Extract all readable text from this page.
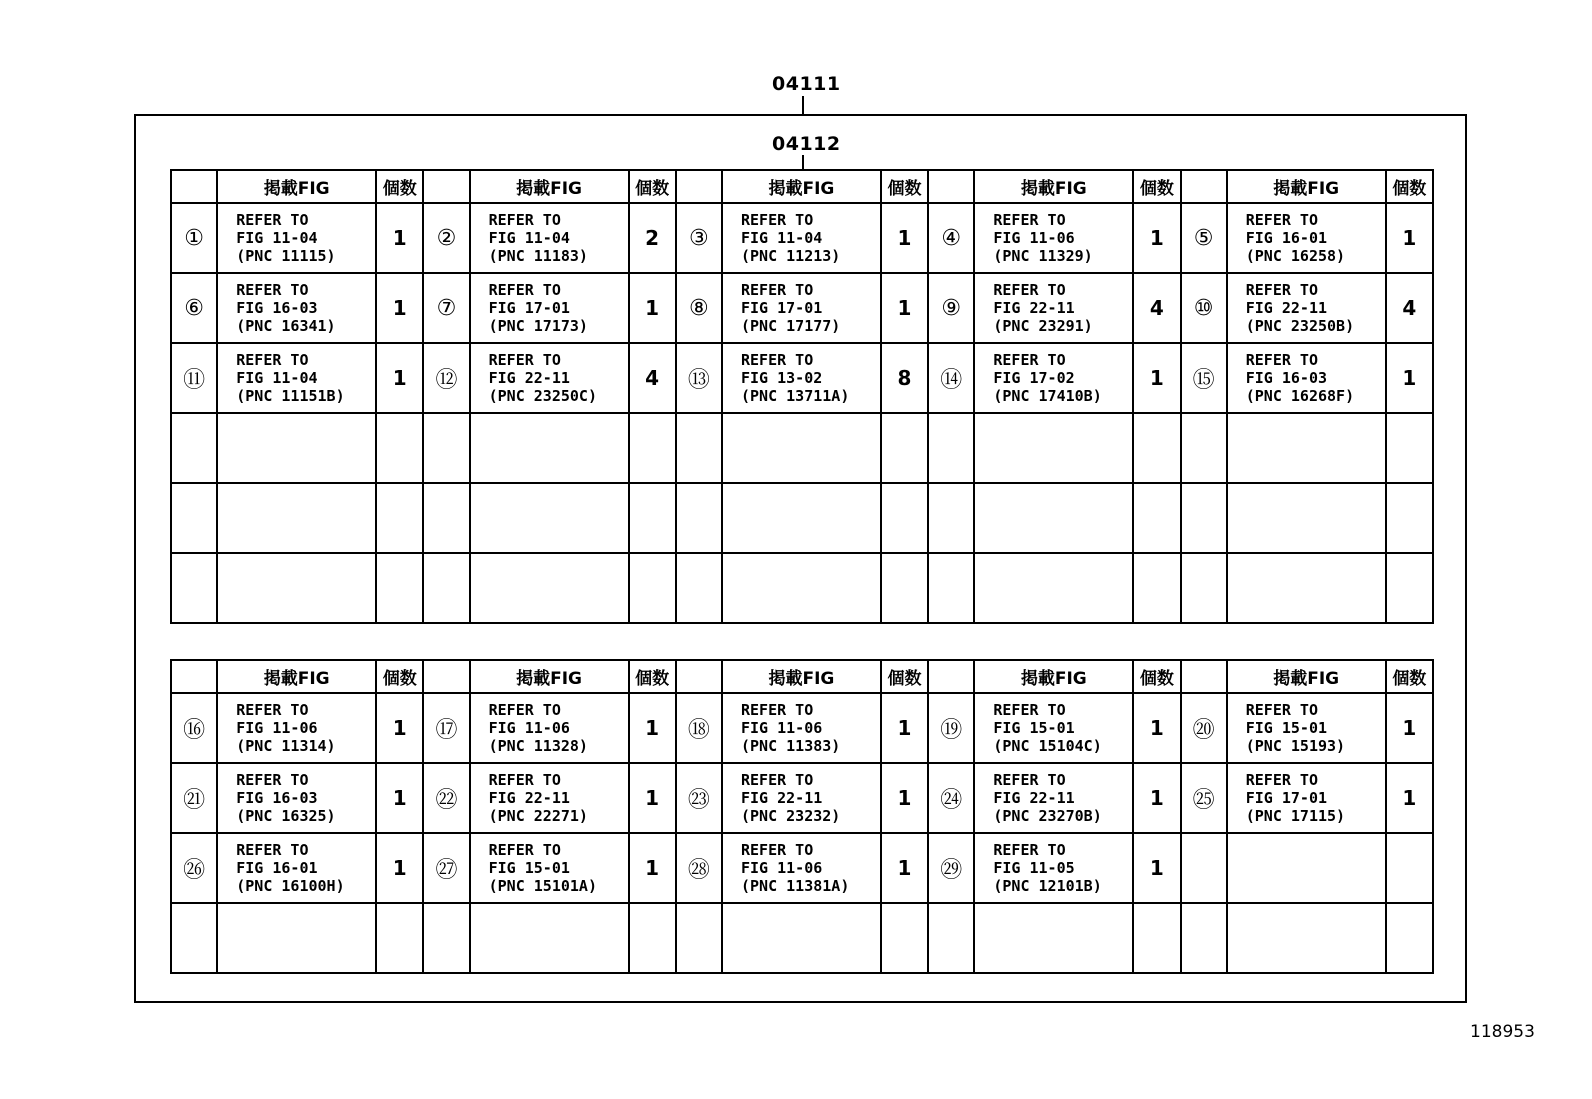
04111
04112
	掲載FIG	個数		掲載FIG	個数		掲載FIG	個数		掲載FIG	個数		掲載FIG	個数
①	REFER TO
FIG 11-04
(PNC 11115)	1	②	REFER TO
FIG 11-04
(PNC 11183)	2	③	REFER TO
FIG 11-04
(PNC 11213)	1	④	REFER TO
FIG 11-06
(PNC 11329)	1	⑤	REFER TO
FIG 16-01
(PNC 16258)	1
⑥	REFER TO
FIG 16-03
(PNC 16341)	1	⑦	REFER TO
FIG 17-01
(PNC 17173)	1	⑧	REFER TO
FIG 17-01
(PNC 17177)	1	⑨	REFER TO
FIG 22-11
(PNC 23291)	4	⑩	REFER TO
FIG 22-11
(PNC 23250B)	4
⑪	REFER TO
FIG 11-04
(PNC 11151B)	1	⑫	REFER TO
FIG 22-11
(PNC 23250C)	4	⑬	REFER TO
FIG 13-02
(PNC 13711A)	8	⑭	REFER TO
FIG 17-02
(PNC 17410B)	1	⑮	REFER TO
FIG 16-03
(PNC 16268F)	1

	掲載FIG	個数		掲載FIG	個数		掲載FIG	個数		掲載FIG	個数		掲載FIG	個数
⑯	REFER TO
FIG 11-06
(PNC 11314)	1	⑰	REFER TO
FIG 11-06
(PNC 11328)	1	⑱	REFER TO
FIG 11-06
(PNC 11383)	1	⑲	REFER TO
FIG 15-01
(PNC 15104C)	1	⑳	REFER TO
FIG 15-01
(PNC 15193)	1
㉑	REFER TO
FIG 16-03
(PNC 16325)	1	㉒	REFER TO
FIG 22-11
(PNC 22271)	1	㉓	REFER TO
FIG 22-11
(PNC 23232)	1	㉔	REFER TO
FIG 22-11
(PNC 23270B)	1	㉕	REFER TO
FIG 17-01
(PNC 17115)	1
㉖	REFER TO
FIG 16-01
(PNC 16100H)	1	㉗	REFER TO
FIG 15-01
(PNC 15101A)	1	㉘	REFER TO
FIG 11-06
(PNC 11381A)	1	㉙	REFER TO
FIG 11-05
(PNC 12101B)	1			

118953
